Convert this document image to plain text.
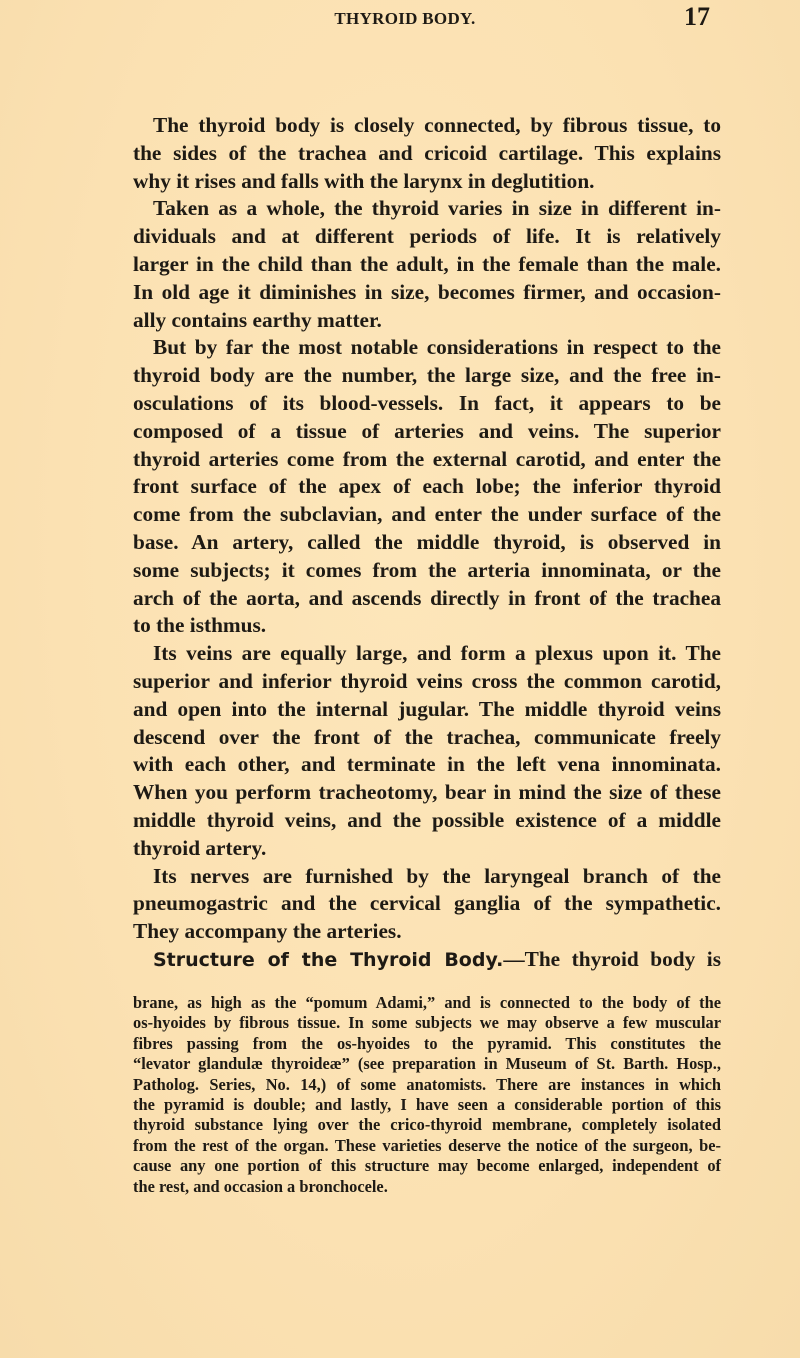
THYROID BODY.	17
The thyroid body is closely connected, by fibrous tissue, to
the sides of the trachea and cricoid cartilage. This explains
why it rises and falls with the larynx in deglutition.
Taken as a whole, the thyroid varies in size in different in-
dividuals and at different periods of life. It is relatively
larger in the child than the adult, in the female than the male.
In old age it diminishes in size, becomes firmer, and occasion-
ally contains earthy matter.
But by far the most notable considerations in respect to the
thyroid body are the number, the large size, and the free in-
osculations of its blood-vessels. In fact, it appears to be
composed of a tissue of arteries and veins. The superior
thyroid arteries come from the external carotid, and enter the
front surface of the apex of each lobe; the inferior thyroid
come from the subclavian, and enter the under surface of the
base. An artery, called the middle thyroid, is observed in
some subjects; it comes from the arteria innominata, or the
arch of the aorta, and ascends directly in front of the trachea
to the isthmus.
Its veins are equally large, and form a plexus upon it. The
superior and inferior thyroid veins cross the common carotid,
and open into the internal jugular. The middle thyroid veins
descend over the front of the trachea, communicate freely
with each other, and terminate in the left vena innominata.
When you perform tracheotomy, bear in mind the size of these
middle thyroid veins, and the possible existence of a middle
thyroid artery.
Its nerves are furnished by the laryngeal branch of the
pneumogastric and the cervical ganglia of the sympathetic.
They accompany the arteries.
Structure of the Thyroid Body.—The thyroid body is
brane, as high as the “pomum Adami,” and is connected to the body of the
os-hyoides by fibrous tissue. In some subjects we may observe a few muscular
fibres passing from the os-hyoides to the pyramid. This constitutes the
“levator glandulæ thyroideæ” (see preparation in Museum of St. Barth. Hosp.,
Patholog. Series, No. 14,) of some anatomists. There are instances in which
the pyramid is double; and lastly, I have seen a considerable portion of this
thyroid substance lying over the crico-thyroid membrane, completely isolated
from the rest of the organ. These varieties deserve the notice of the surgeon, be-
cause any one portion of this structure may become enlarged, independent of
the rest, and occasion a bronchocele.
